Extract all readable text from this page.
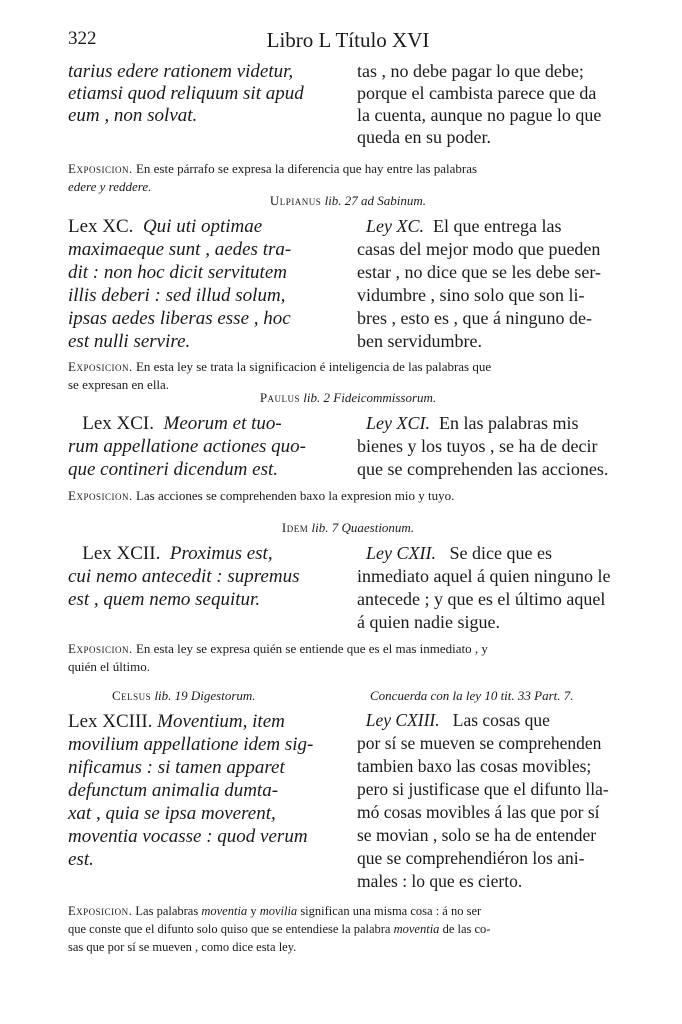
322	Libro L Título XVI
tarius edere rationem videtur,
etiamsi quod reliquum sit apud
eum , non solvat.
tas , no debe pagar lo que debe;
porque el cambista parece que da
la cuenta, aunque no pague lo que
queda en su poder.
Exposicion. En este párrafo se expresa la diferencia que hay entre las palabras
edere y reddere.
Ulpianus lib. 27 ad Sabinum.
Lex XC. Qui uti optimae
maximaeque sunt , aedes tra-
dit : non hoc dicit servitutem
illis deberi : sed illud solum,
ipsas aedes liberas esse , hoc
est nulli servire.
Ley XC. El que entrega las
casas del mejor modo que pueden
estar , no dice que se les debe ser-
vidumbre , sino solo que son li-
bres , esto es , que á ninguno de-
ben servidumbre.
Exposicion. En esta ley se trata la significacion é inteligencia de las palabras que
se expresan en ella.
Paulus lib. 2 Fideicommissorum.
Lex XCI. Meorum et tuo-
rum appellatione actiones quo-
que contineri dicendum est.
Ley XCI. En las palabras mis
bienes y los tuyos , se ha de decir
que se comprehenden las acciones.
Exposicion. Las acciones se comprehenden baxo la expresion mio y tuyo.
Idem lib. 7 Quaestionum.
Lex XCII. Proximus est,
cui nemo antecedit : supremus
est , quem nemo sequitur.
Ley CXII. Se dice que es
inmediato aquel á quien ninguno le
antecede ; y que es el último aquel
á quien nadie sigue.
Exposicion. En esta ley se expresa quién se entiende que es el mas inmediato , y
quién el último.
Celsus lib. 19 Digestorum.	Concuerda con la ley 10 tit. 33 Part. 7.
Lex XCIII. Moventium, item
movilium appellatione idem sig-
nificamus : si tamen apparet
defunctum animalia dumta-
xat , quia se ipsa moverent,
moventia vocasse : quod verum
est.
Ley CXIII. Las cosas que
por sí se mueven se comprehenden
tambien baxo las cosas movibles;
pero si justificase que el difunto lla-
mó cosas movibles á las que por sí
se movian , solo se ha de entender
que se comprehendiéron los ani-
males : lo que es cierto.
Exposicion. Las palabras moventia y movilia significan una misma cosa : á no ser
que conste que el difunto solo quiso que se entendiese la palabra moventia de las co-
sas que por sí se mueven , como dice esta ley.
